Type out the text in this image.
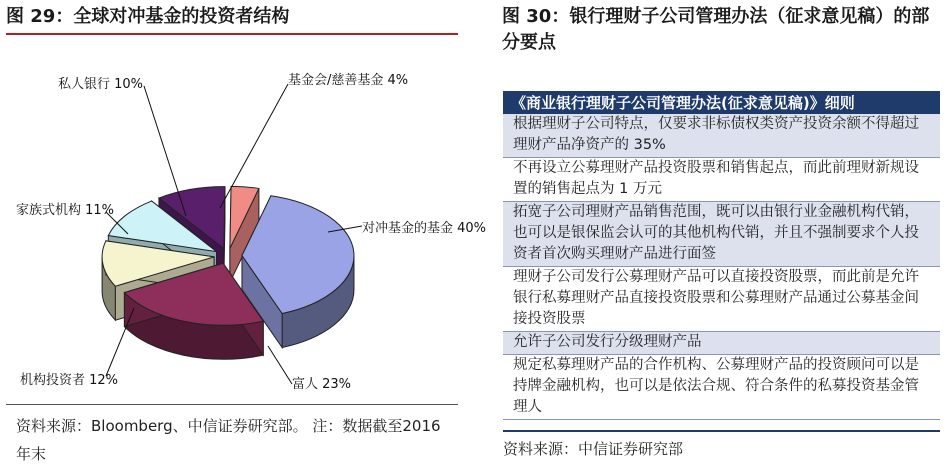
图 29：全球对冲基金的投资者结构
对冲基金的基金 40%
富人 23%
机构投资者 12%
家族式机构 11%
私人银行 10%	基金会/慈善基金 4%
资料来源：Bloomberg、中信证券研究部。 注：数据截至2016 年末
图 30：银行理财子公司管理办法（征求意见稿）的部分要点
《商业银行理财子公司管理办法(征求意见稿)》细则
根据理财子公司特点，仅要求非标债权类资产投资余额不得超过理财产品净资产的 35%
不再设立公募理财产品投资股票和销售起点，而此前理财新规设置的销售起点为 1 万元
拓宽子公司理财产品销售范围，既可以由银行业金融机构代销，也可以是银保监会认可的其他机构代销，并且不强制要求个人投资者首次购买理财产品进行面签
理财子公司发行公募理财产品可以直接投资股票，而此前是允许银行私募理财产品直接投资股票和公募理财产品通过公募基金间接投资股票
允许子公司发行分级理财产品
规定私募理财产品的合作机构、公募理财产品的投资顾问可以是持牌金融机构，也可以是依法合规、符合条件的私募投资基金管理人
资料来源：中信证券研究部
